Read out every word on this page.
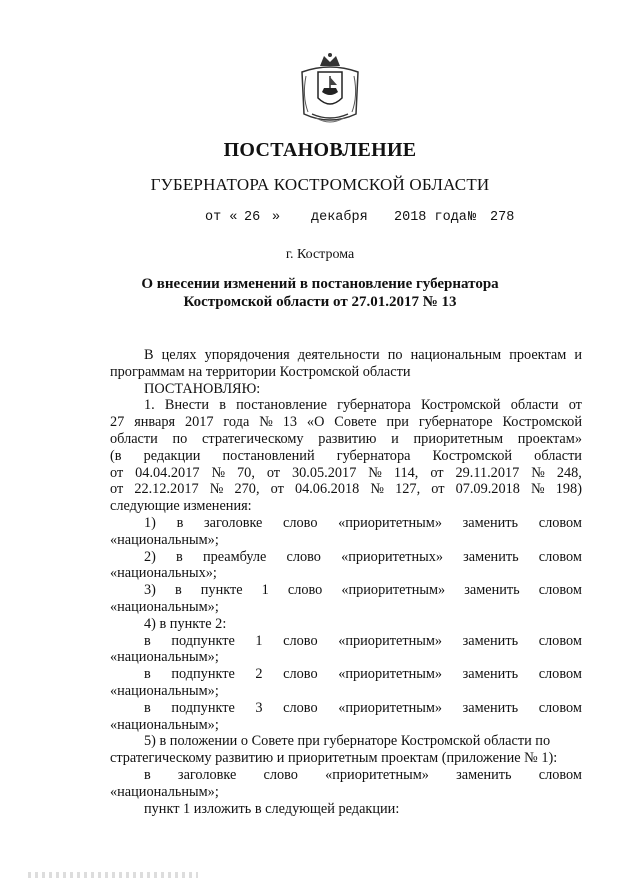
ПОСТАНОВЛЕНИЕ
ГУБЕРНАТОРА КОСТРОМСКОЙ ОБЛАСТИ
от « 26 » декабря 2018 года № 278
г. Кострома
О внесении изменений в постановление губернатора
Костромской области от 27.01.2017 № 13
В целях упорядочения деятельности по национальным проектам и
программам на территории Костромской области
ПОСТАНОВЛЯЮ:
1. Внести в постановление губернатора Костромской области от
27 января 2017 года № 13 «О Совете при губернаторе Костромской
области по стратегическому развитию и приоритетным проектам»
(в редакции постановлений губернатора Костромской области
от 04.04.2017 № 70, от 30.05.2017 № 114, от 29.11.2017 № 248,
от 22.12.2017 № 270, от 04.06.2018 № 127, от 07.09.2018 № 198)
следующие изменения:
1) в заголовке слово «приоритетным» заменить словом
«национальным»;
2) в преамбуле слово «приоритетных» заменить словом
«национальных»;
3) в пункте 1 слово «приоритетным» заменить словом
«национальным»;
4) в пункте 2:
в подпункте 1 слово «приоритетным» заменить словом
«национальным»;
в подпункте 2 слово «приоритетным» заменить словом
«национальным»;
в подпункте 3 слово «приоритетным» заменить словом
«национальным»;
5) в положении о Совете при губернаторе Костромской области по
стратегическому развитию и приоритетным проектам (приложение № 1):
в заголовке слово «приоритетным» заменить словом
«национальным»;
пункт 1 изложить в следующей редакции:
